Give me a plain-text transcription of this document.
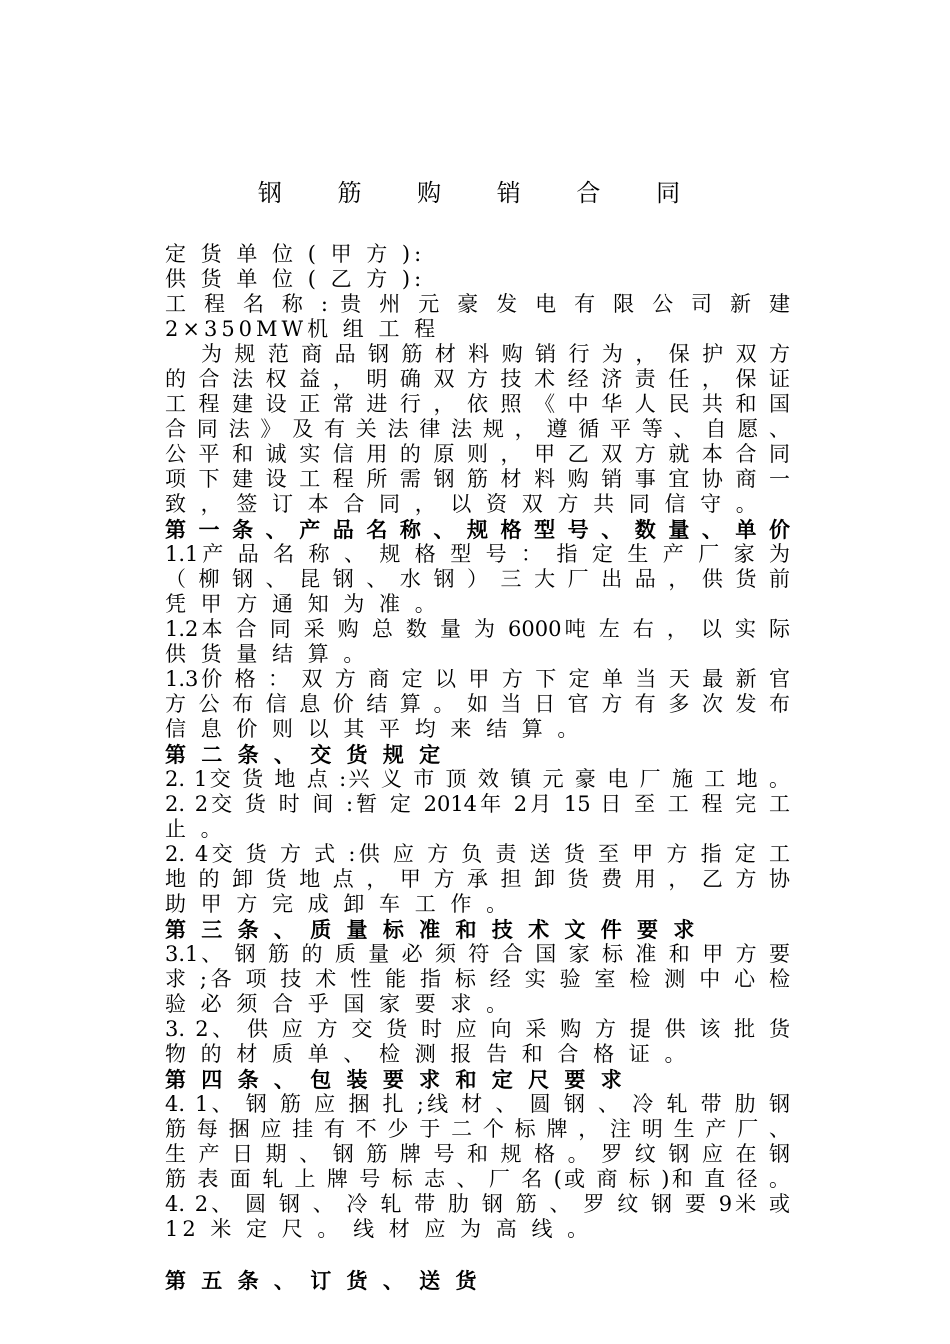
钢 筋 购 销 合 同
定 货 单 位 ( 甲 方 ):
供 货 单 位 ( 乙 方 ):
工 程 名 称 : 贵 州 元 豪 发 电 有 限 公 司 新 建
2×350MW机 组 工 程
为 规 范 商 品 钢 筋 材 料 购 销 行 为 ， 保 护 双 方
的 合 法 权 益 ， 明 确 双 方 技 术 经 济 责 任 ， 保 证
工 程 建 设 正 常 进 行 ， 依 照 《 中 华 人 民 共 和 国
合 同 法 》 及 有 关 法 律 法 规 ， 遵 循 平 等 、 自 愿 、
公 平 和 诚 实 信 用 的 原 则 ， 甲 乙 双 方 就 本 合 同
项 下 建 设 工 程 所 需 钢 筋 材 料 购 销 事 宜 协 商 一
致 ， 签 订 本 合 同 ， 以 资 双 方 共 同 信 守 。
第 一 条 、 产 品 名 称 、 规 格 型 号 、 数 量 、 单 价
1.1产 品 名 称 、 规 格 型 号 ： 指 定 生 产 厂 家 为
（ 柳 钢 、 昆 钢 、 水 钢 ） 三 大 厂 出 品 ， 供 货 前
凭 甲 方 通 知 为 准 。
1.2本 合 同 采 购 总 数 量 为 6000吨 左 右 ， 以 实 际
供 货 量 结 算 。
1.3价 格 ： 双 方 商 定 以 甲 方 下 定 单 当 天 最 新 官
方 公 布 信 息 价 结 算 。 如 当 日 官 方 有 多 次 发 布
信 息 价 则 以 其 平 均 来 结 算 。
第 二 条 、 交 货 规 定
2. 1交 货 地 点 :兴 义 市 顶 效 镇 元 豪 电 厂 施 工 地 。
2. 2交 货 时 间 :暂 定 2014年 2月 15 日 至 工 程 完 工
止 。
2. 4交 货 方 式 :供 应 方 负 责 送 货 至 甲 方 指 定 工
地 的 卸 货 地 点 ， 甲 方 承 担 卸 货 费 用 ， 乙 方 协
助 甲 方 完 成 卸 车 工 作 。
第 三 条 、 质 量 标 准 和 技 术 文 件 要 求
3.1、 钢 筋 的 质 量 必 须 符 合 国 家 标 准 和 甲 方 要
求 ;各 项 技 术 性 能 指 标 经 实 验 室 检 测 中 心 检
验 必 须 合 乎 国 家 要 求 。
3. 2、 供 应 方 交 货 时 应 向 采 购 方 提 供 该 批 货
物 的 材 质 单 、 检 测 报 告 和 合 格 证 。
第 四 条 、 包 装 要 求 和 定 尺 要 求
4. 1、 钢 筋 应 捆 扎 ;线 材 、 圆 钢 、 冷 轧 带 肋 钢
筋 每 捆 应 挂 有 不 少 于 二 个 标 牌 ， 注 明 生 产 厂 、
生 产 日 期 、 钢 筋 牌 号 和 规 格 。 罗 纹 钢 应 在 钢
筋 表 面 轧 上 牌 号 标 志 、 厂 名 (或 商 标 )和 直 径 。
4. 2、 圆 钢 、 冷 轧 带 肋 钢 筋 、 罗 纹 钢 要 9米 或
12 米 定 尺 。 线 材 应 为 高 线 。
第 五 条 、 订 货 、 送 货
